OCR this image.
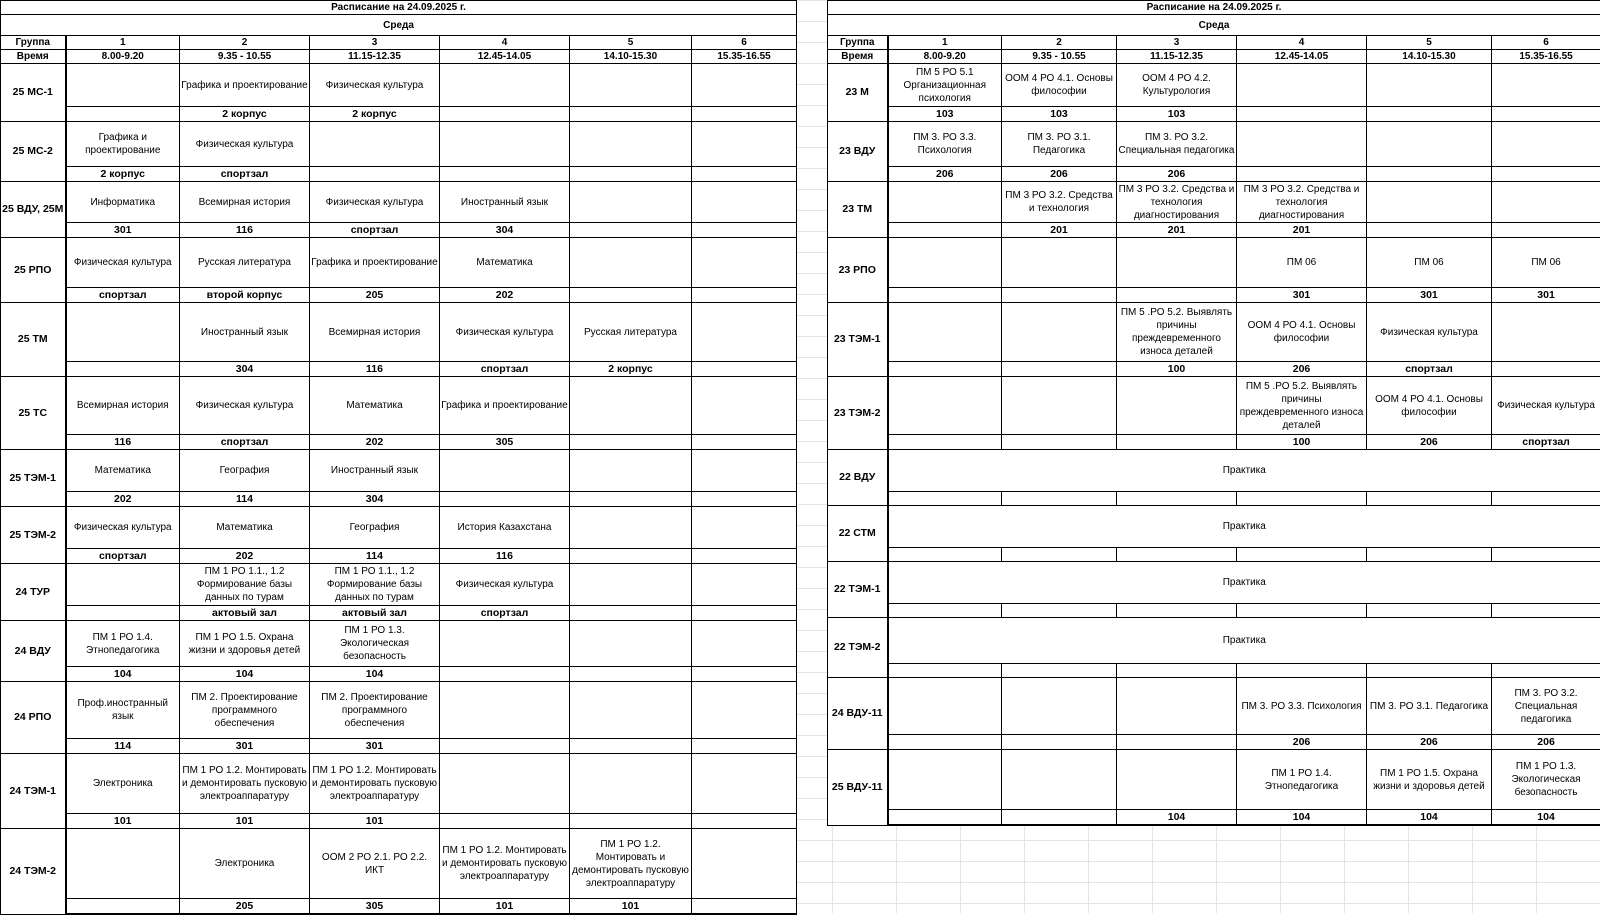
Расписание на 24.09.2025 г.						
Среда						
Группа	1	2	3	4	5	6
Время	8.00-9.20	9.35 - 10.55	11.15-12.35	12.45-14.05	14.10-15.30	15.35-16.55
25 МС-1		Графика и проектирование	Физическая культура			
		2 корпус	2 корпус			
25 МС-2	Графика и проектирование	Физическая культура				
	2 корпус	спортзал				
25 ВДУ, 25М	Информатика	Всемирная история	Физическая культура	Иностранный язык		
	301	116	спортзал	304		
25 РПО	Физическая культура	Русская литература	Графика и проектирование	Математика		
	спортзал	второй корпус	205	202		
25 ТМ		Иностранный язык	Всемирная история	Физическая культура	Русская литература	
		304	116	спортзал	2 корпус	
25 ТС	Всемирная история	Физическая культура	Математика	Графика и проектирование		
	116	спортзал	202	305		
25 ТЭМ-1	Математика	География	Иностранный язык			
	202	114	304			
25 ТЭМ-2	Физическая культура	Математика	География	История Казахстана		
	спортзал	202	114	116		
24 ТУР		ПМ 1 РО 1.1., 1.2 Формирование базы данных по турам	ПМ 1 РО 1.1., 1.2 Формирование базы данных по турам	Физическая культура		
		актовый зал	актовый зал	спортзал		
24 ВДУ	ПМ 1 РО 1.4. Этнопедагогика	ПМ 1 РО 1.5. Охрана жизни и здоровья детей	ПМ 1 РО 1.3. Экологическая безопасность			
	104	104	104			
24 РПО	Проф.иностранный язык	ПМ 2. Проектирование программного обеспечения	ПМ 2. Проектирование программного обеспечения			
	114	301	301			
24 ТЭМ-1	Электроника	ПМ 1 РО 1.2. Монтировать и демонтировать пусковую электроаппаратуру	ПМ 1 РО 1.2. Монтировать и демонтировать пусковую электроаппаратуру			
	101	101	101			
24 ТЭМ-2		Электроника	ООМ 2 РО 2.1. РО 2.2. ИКТ	ПМ 1 РО 1.2. Монтировать и демонтировать пусковую электроаппаратуру	ПМ 1 РО 1.2. Монтировать и демонтировать пусковую электроаппаратуру	
		205	305	101	101	
Расписание на 24.09.2025 г.						
Среда						
Группа	1	2	3	4	5	6
Время	8.00-9.20	9.35 - 10.55	11.15-12.35	12.45-14.05	14.10-15.30	15.35-16.55
23 М	ПМ 5 РО 5.1 Организационная психология	ООМ 4 РО 4.1. Основы философии	ООМ 4 РО 4.2. Культурология			
	103	103	103			
23 ВДУ	ПМ 3. РО 3.3. Психология	ПМ 3. РО 3.1. Педагогика	ПМ 3. РО 3.2. Специальная педагогика			
	206	206	206			
23 ТМ		ПМ 3 РО 3.2. Средства и технология	ПМ 3 РО 3.2. Средства и технология диагностирования	ПМ 3 РО 3.2. Средства и технология диагностирования		
		201	201	201		
23 РПО				ПМ 06	ПМ 06	ПМ 06
				301	301	301
23 ТЭМ-1			ПМ 5 .РО 5.2. Выявлять причины преждевременного износа деталей	ООМ 4 РО 4.1. Основы философии	Физическая культура	
			100	206	спортзал	
23 ТЭМ-2				ПМ 5 .РО 5.2. Выявлять причины преждевременного износа деталей	ООМ 4 РО 4.1. Основы философии	Физическая культура
				100	206	спортзал
22 ВДУ	Практика					

22 СТМ	Практика					

22 ТЭМ-1	Практика					

22 ТЭМ-2	Практика					

24 ВДУ-11				ПМ 3. РО 3.3. Психология	ПМ 3. РО 3.1. Педагогика	ПМ 3. РО 3.2. Специальная педагогика
				206	206	206
25 ВДУ-11				ПМ 1 РО 1.4. Этнопедагогика	ПМ 1 РО 1.5. Охрана жизни и здоровья детей	ПМ 1 РО 1.3. Экологическая безопасность
			104	104	104	104
